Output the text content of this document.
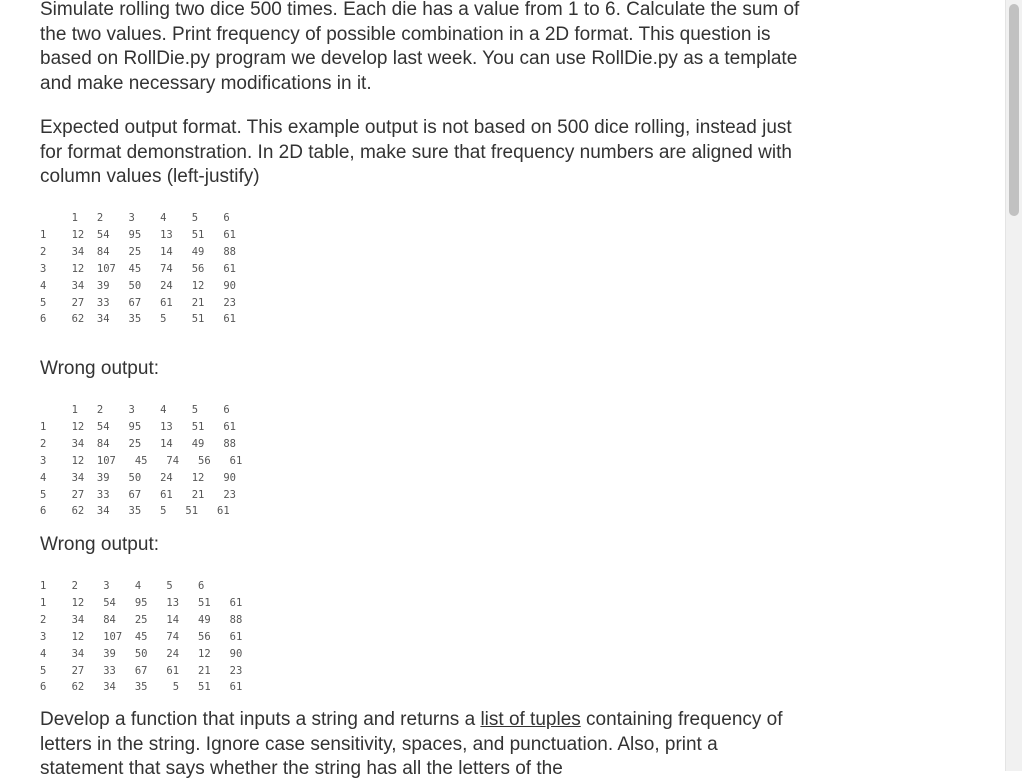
Simulate rolling two dice 500 times. Each die has a value from 1 to 6. Calculate the sum of the two values. Print frequency of possible combination in a 2D format. This question is based on RollDie.py program we develop last week. You can use RollDie.py as a template and make necessary modifications in it.

Expected output format. This example output is not based on 500 dice rolling, instead just for format demonstration. In 2D table, make sure that frequency numbers are aligned with column values (left-justify)

1   2    3    4    5    6
1    12  54   95   13   51   61
2    34  84   25   14   49   88
3    12  107  45   74   56   61
4    34  39   50   24   12   90
5    27  33   67   61   21   23
6    62  34   35   5    51   61

Wrong output:

1   2    3    4    5    6
1    12  54   95   13   51   61
2    34  84   25   14   49   88
3    12  107   45   74   56   61
4    34  39   50   24   12   90
5    27  33   67   61   21   23
6    62  34   35   5   51   61

Wrong output:

1    2    3    4    5    6
1    12   54   95   13   51   61
2    34   84   25   14   49   88
3    12   107  45   74   56   61
4    34   39   50   24   12   90
5    27   33   67   61   21   23
6    62   34   35    5   51   61

Develop a function that inputs a string and returns a list of tuples containing frequency of letters in the string. Ignore case sensitivity, spaces, and punctuation. Also, print a statement that says whether the string has all the letters of the
